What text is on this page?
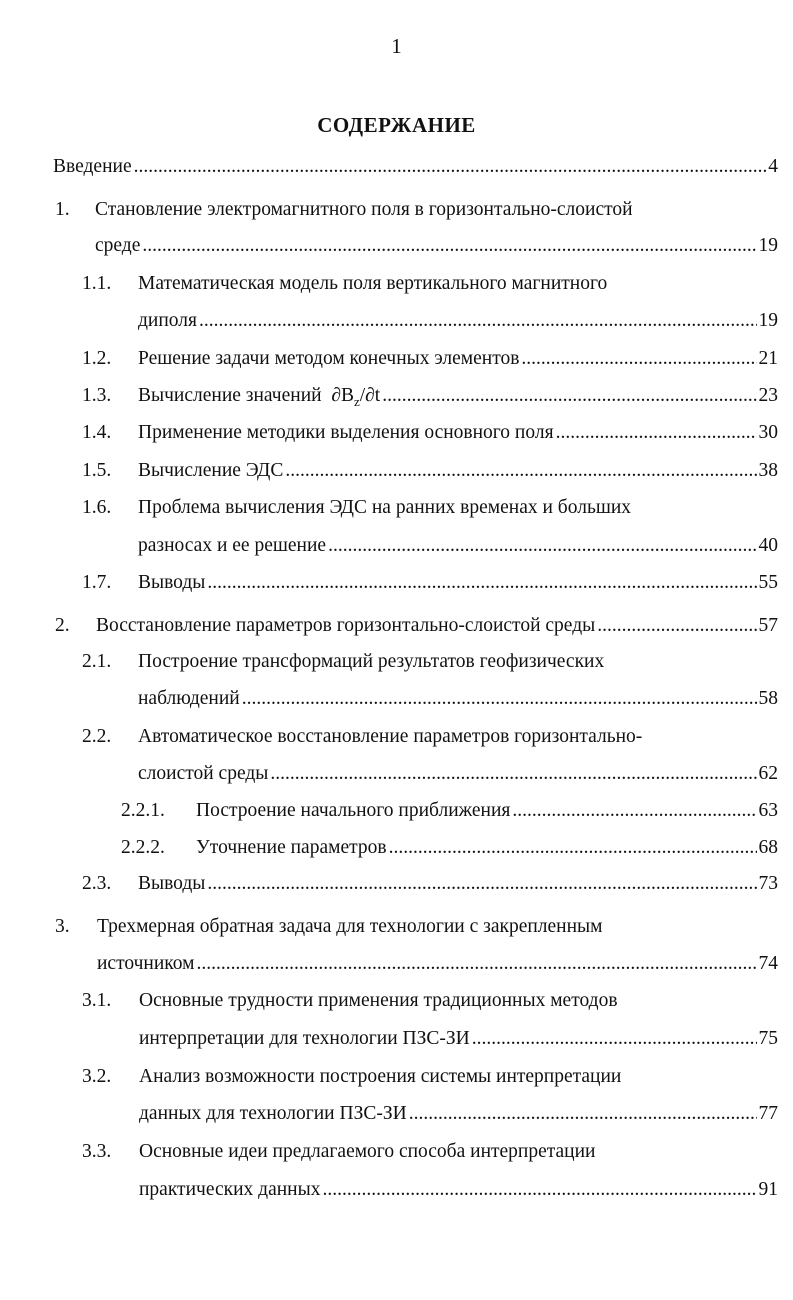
1
СОДЕРЖАНИЕ
Введение .....	4
1. Становление электромагнитного поля в горизонтально-слоистой
среде .....	19
1.1. Математическая модель поля вертикального магнитного
диполя .....	19
1.2. Решение задачи методом конечных элементов .....	21
1.3. Вычисление значений  $\partial B_z/\partial t$ .....	23
1.4. Применение методики выделения основного поля .....	30
1.5. Вычисление ЭДС .....	38
1.6. Проблема вычисления ЭДС на ранних временах и больших
разносах и ее решение .....	40
1.7. Выводы .....	55
2. Восстановление параметров горизонтально-слоистой среды .....	57
2.1. Построение трансформаций результатов геофизических
наблюдений .....	58
2.2. Автоматическое восстановление параметров горизонтально-
слоистой среды .....	62
2.2.1. Построение начального приближения .....	63
2.2.2. Уточнение параметров .....	68
2.3. Выводы .....	73
3. Трехмерная обратная задача для технологии с закрепленным
источником .....	74
3.1. Основные трудности применения традиционных методов
интерпретации для технологии ПЗС-ЗИ .....	75
3.2. Анализ возможности построения системы интерпретации
данных для технологии ПЗС-ЗИ .....	77
3.3. Основные идеи предлагаемого способа интерпретации
практических данных .....	91
